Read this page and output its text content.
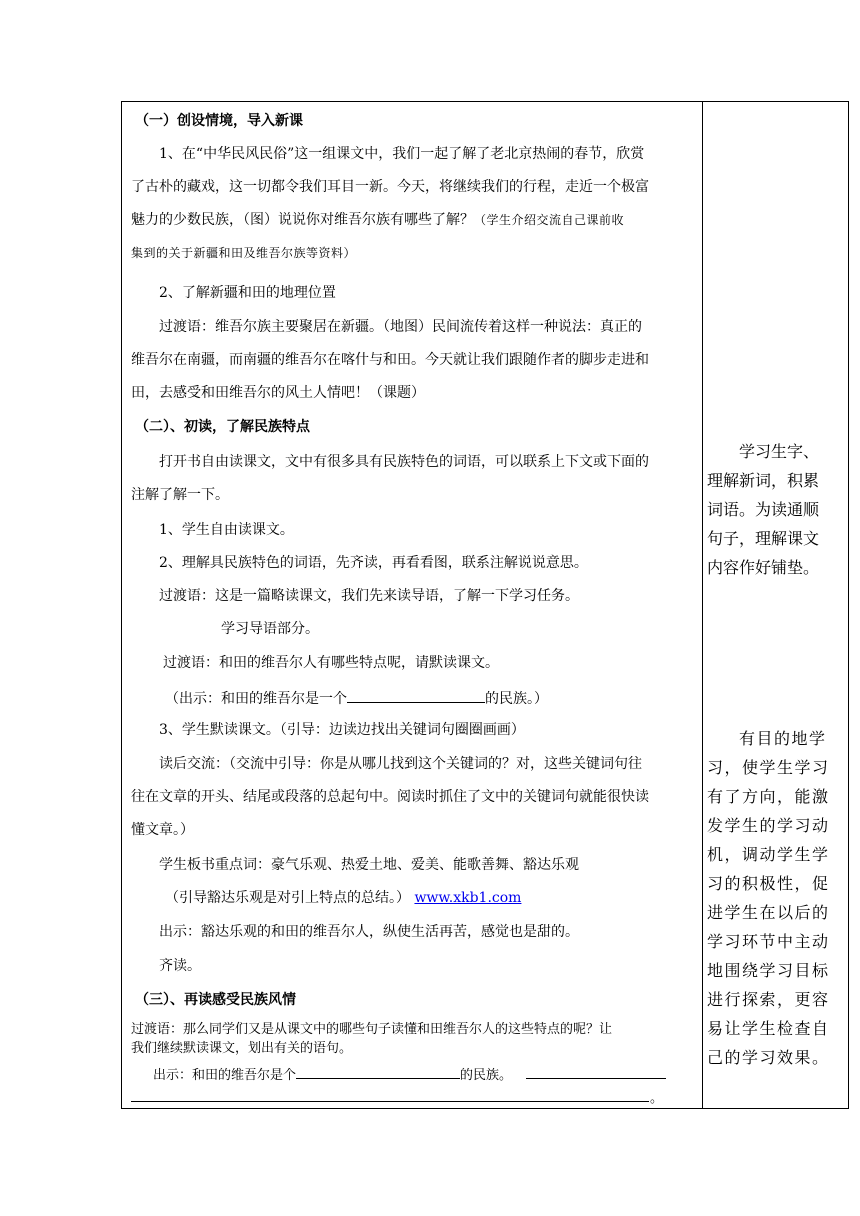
（一）创设情境，导入新课
1、在“中华民风民俗”这一组课文中，我们一起了解了老北京热闹的春节，欣赏
了古朴的藏戏，这一切都令我们耳目一新。今天，将继续我们的行程，走近一个极富
魅力的少数民族，（图）说说你对维吾尔族有哪些了解？（学生介绍交流自己课前收
集到的关于新疆和田及维吾尔族等资料）
2、了解新疆和田的地理位置
过渡语：维吾尔族主要聚居在新疆。（地图）民间流传着这样一种说法：真正的
维吾尔在南疆，而南疆的维吾尔在喀什与和田。今天就让我们跟随作者的脚步走进和
田，去感受和田维吾尔的风土人情吧！（课题）
（二）、初读，了解民族特点
打开书自由读课文，文中有很多具有民族特色的词语，可以联系上下文或下面的
注解了解一下。
1、学生自由读课文。
2、理解具民族特色的词语，先齐读，再看看图，联系注解说说意思。
过渡语：这是一篇略读课文，我们先来读导语，了解一下学习任务。
学习导语部分。
过渡语：和田的维吾尔人有哪些特点呢，请默读课文。
（出示：和田的维吾尔是一个	的民族。）
3、学生默读课文。（引导：边读边找出关键词句圈圈画画）
读后交流：（交流中引导：你是从哪儿找到这个关键词的？对，这些关键词句往
往在文章的开头、结尾或段落的总起句中。阅读时抓住了文中的关键词句就能很快读
懂文章。）
学生板书重点词：豪气乐观、热爱土地、爱美、能歌善舞、豁达乐观
（引导豁达乐观是对引上特点的总结。） www.xkb1.com
出示：豁达乐观的和田的维吾尔人，纵使生活再苦，感觉也是甜的。
齐读。
（三）、再读感受民族风情
过渡语：那么同学们又是从课文中的哪些句子读懂和田维吾尔人的这些特点的呢？让
我们继续默读课文，划出有关的语句。
出示：和田的维吾尔是个	的民族。
。

学习生字、
理解新词，积累
词语。为读通顺
句子，理解课文
内容作好铺垫。
有目的地学
习，使学生学习
有了方向，能激
发学生的学习动
机，调动学生学
习的积极性，促
进学生在以后的
学习环节中主动
地围绕学习目标
进行探索，更容
易让学生检查自
己的学习效果。
